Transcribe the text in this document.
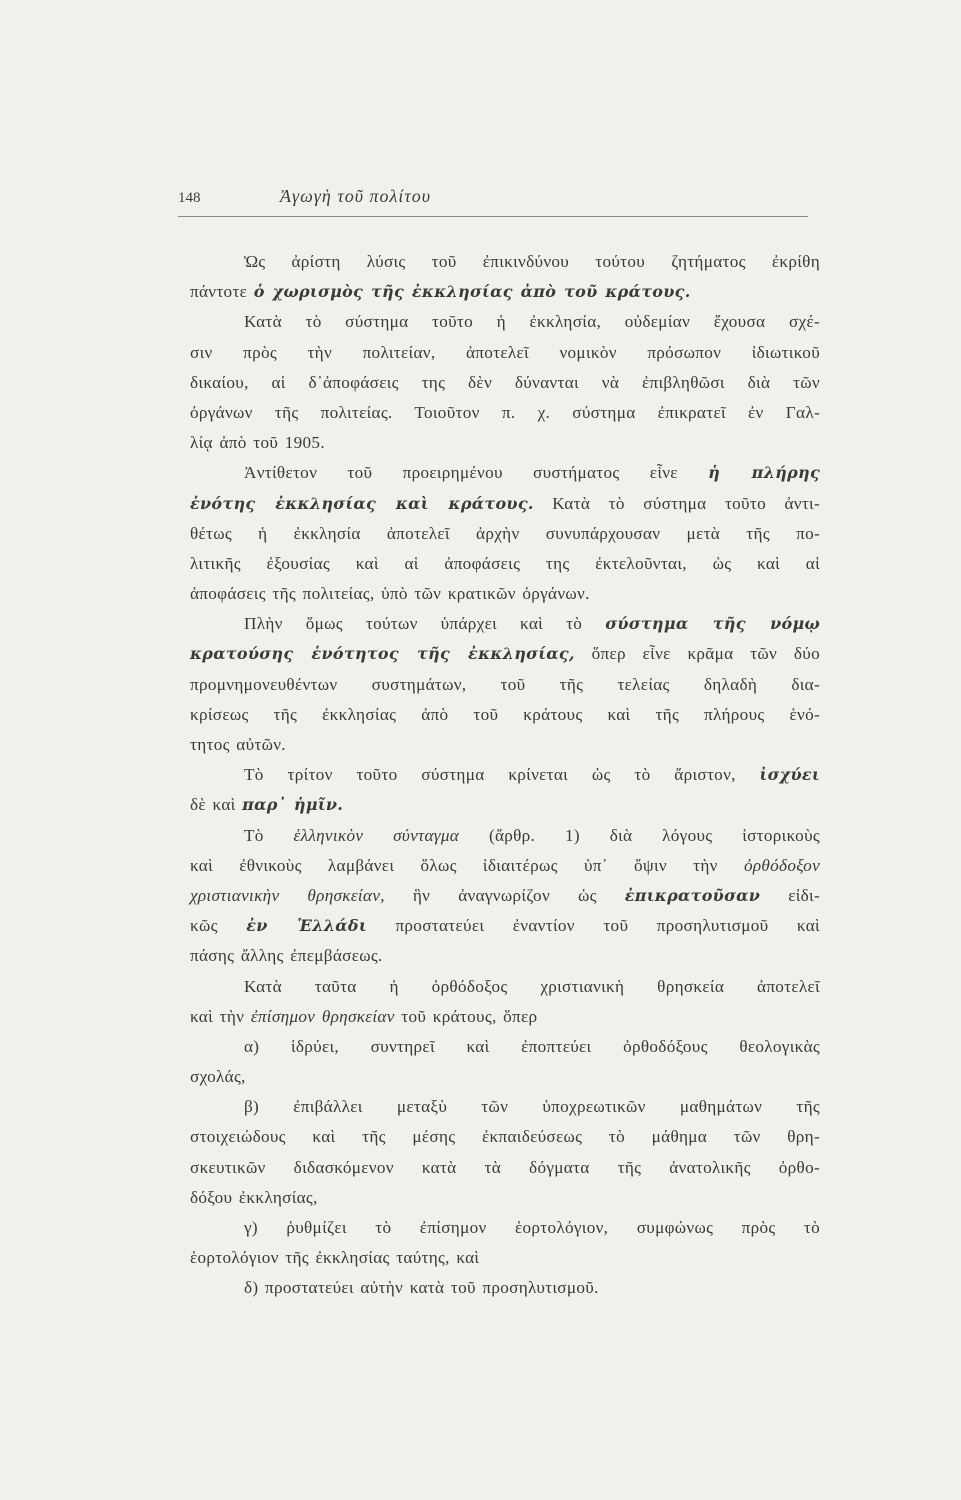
148	Ἀγωγὴ τοῦ πολίτου
Ὡς ἀρίστη λύσις τοῦ ἐπικινδύνου τούτου ζητήματος ἐκρίθη
πάντοτε ὁ χωρισμὸς τῆς ἐκκλησίας ἀπὸ τοῦ κράτους.
Κατὰ τὸ σύστημα τοῦτο ἡ ἐκκλησία, οὐδεμίαν ἔχουσα σχέ-
σιν πρὸς τὴν πολιτείαν, ἀποτελεῖ νομικὸν πρόσωπον ἰδιωτικοῦ
δικαίου, αἱ δ᾿ἀποφάσεις της δὲν δύνανται νὰ ἐπιβληθῶσι διὰ τῶν
ὀργάνων τῆς πολιτείας. Τοιοῦτον π. χ. σύστημα ἐπικρατεῖ ἐν Γαλ-
λίᾳ ἀπὸ τοῦ 1905.
Ἀντίθετον τοῦ προειρημένου συστήματος εἶνε ἡ πλήρης
ἑνότης ἐκκλησίας καὶ κράτους. Κατὰ τὸ σύστημα τοῦτο ἀντι-
θέτως ἡ ἐκκλησία ἀποτελεῖ ἀρχὴν συνυπάρχουσαν μετὰ τῆς πο-
λιτικῆς ἐξουσίας καὶ αἱ ἀποφάσεις της ἐκτελοῦνται, ὡς καὶ αἱ
ἀποφάσεις τῆς πολιτείας, ὑπὸ τῶν κρατικῶν ὀργάνων.
Πλὴν ὅμως τούτων ὑπάρχει καὶ τὸ σύστημα τῆς νόμῳ
κρατούσης ἑνότητος τῆς ἐκκλησίας, ὅπερ εἶνε κρᾶμα τῶν δύο
προμνημονευθέντων συστημάτων, τοῦ τῆς τελείας δηλαδὴ δια-
κρίσεως τῆς ἐκκλησίας ἀπὸ τοῦ κράτους καὶ τῆς πλήρους ἑνό-
τητος αὐτῶν.
Τὸ τρίτον τοῦτο σύστημα κρίνεται ὡς τὸ ἄριστον, ἰσχύει
δὲ καὶ παρ᾿ ἡμῖν.
Τὸ ἑλληνικὸν σύνταγμα (ἄρθρ. 1) διὰ λόγους ἱστορικοὺς
καὶ ἐθνικοὺς λαμβάνει ὅλως ἰδιαιτέρως ὑπ᾿ ὄψιν τὴν ὀρθόδοξον
χριστιανικὴν θρησκείαν, ἣν ἀναγνωρίζον ὡς ἐπικρατοῦσαν εἰδι-
κῶς ἐν Ἑλλάδι προστατεύει ἐναντίον τοῦ προσηλυτισμοῦ καὶ
πάσης ἄλλης ἐπεμβάσεως.
Κατὰ ταῦτα ἡ ὀρθόδοξος χριστιανικὴ θρησκεία ἀποτελεῖ
καὶ τὴν ἐπίσημον θρησκείαν τοῦ κράτους, ὅπερ
α) ἱδρύει, συντηρεῖ καὶ ἐποπτεύει ὀρθοδόξους θεολογικὰς
σχολάς,
β) ἐπιβάλλει μεταξὺ τῶν ὑποχρεωτικῶν μαθημάτων τῆς
στοιχειώδους καὶ τῆς μέσης ἐκπαιδεύσεως τὸ μάθημα τῶν θρη-
σκευτικῶν διδασκόμενον κατὰ τὰ δόγματα τῆς ἀνατολικῆς ὀρθο-
δόξου ἐκκλησίας,
γ) ῥυθμίζει τὸ ἐπίσημον ἑορτολόγιον, συμφώνως πρὸς τὸ
ἑορτολόγιον τῆς ἐκκλησίας ταύτης, καὶ
δ) προστατεύει αὐτὴν κατὰ τοῦ προσηλυτισμοῦ.
